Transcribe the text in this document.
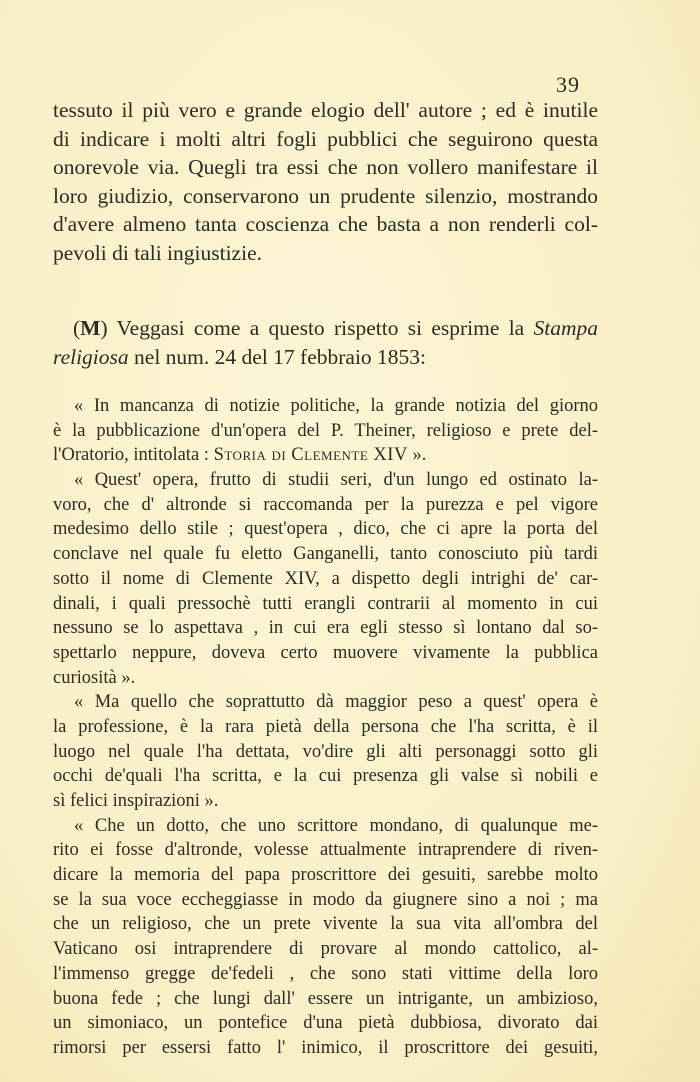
39
tessuto il più vero e grande elogio dell' autore ; ed è inutile
di indicare i molti altri fogli pubblici che seguirono questa
onorevole via. Quegli tra essi che non vollero manifestare il
loro giudizio, conservarono un prudente silenzio, mostrando
d'avere almeno tanta coscienza che basta a non renderli col-
pevoli di tali ingiustizie.
(M) Veggasi come a questo rispetto si esprime la Stampa
religiosa nel num. 24 del 17 febbraio 1853:
« In mancanza di notizie politiche, la grande notizia del giorno
è la pubblicazione d'un'opera del P. Theiner, religioso e prete del-
l'Oratorio, intitolata : Storia di Clemente XIV ».
« Quest' opera, frutto di studii seri, d'un lungo ed ostinato la-
voro, che d' altronde si raccomanda per la purezza e pel vigore
medesimo dello stile ; quest'opera , dico, che ci apre la porta del
conclave nel quale fu eletto Ganganelli, tanto conosciuto più tardi
sotto il nome di Clemente XIV, a dispetto degli intrighi de' car-
dinali, i quali pressochè tutti erangli contrarii al momento in cui
nessuno se lo aspettava , in cui era egli stesso sì lontano dal so-
spettarlo neppure, doveva certo muovere vivamente la pubblica
curiosità ».
« Ma quello che soprattutto dà maggior peso a quest' opera è
la professione, è la rara pietà della persona che l'ha scritta, è il
luogo nel quale l'ha dettata, vo'dire gli alti personaggi sotto gli
occhi de'quali l'ha scritta, e la cui presenza gli valse sì nobili e
sì felici inspirazioni ».
« Che un dotto, che uno scrittore mondano, di qualunque me-
rito ei fosse d'altronde, volesse attualmente intraprendere di riven-
dicare la memoria del papa proscrittore dei gesuiti, sarebbe molto
se la sua voce eccheggiasse in modo da giugnere sino a noi ; ma
che un religioso, che un prete vivente la sua vita all'ombra del
Vaticano osi intraprendere di provare al mondo cattolico, al-
l'immenso gregge de'fedeli , che sono stati vittime della loro
buona fede ; che lungi dall' essere un intrigante, un ambizioso,
un simoniaco, un pontefice d'una pietà dubbiosa, divorato dai
rimorsi per essersi fatto l' inimico, il proscrittore dei gesuiti,
